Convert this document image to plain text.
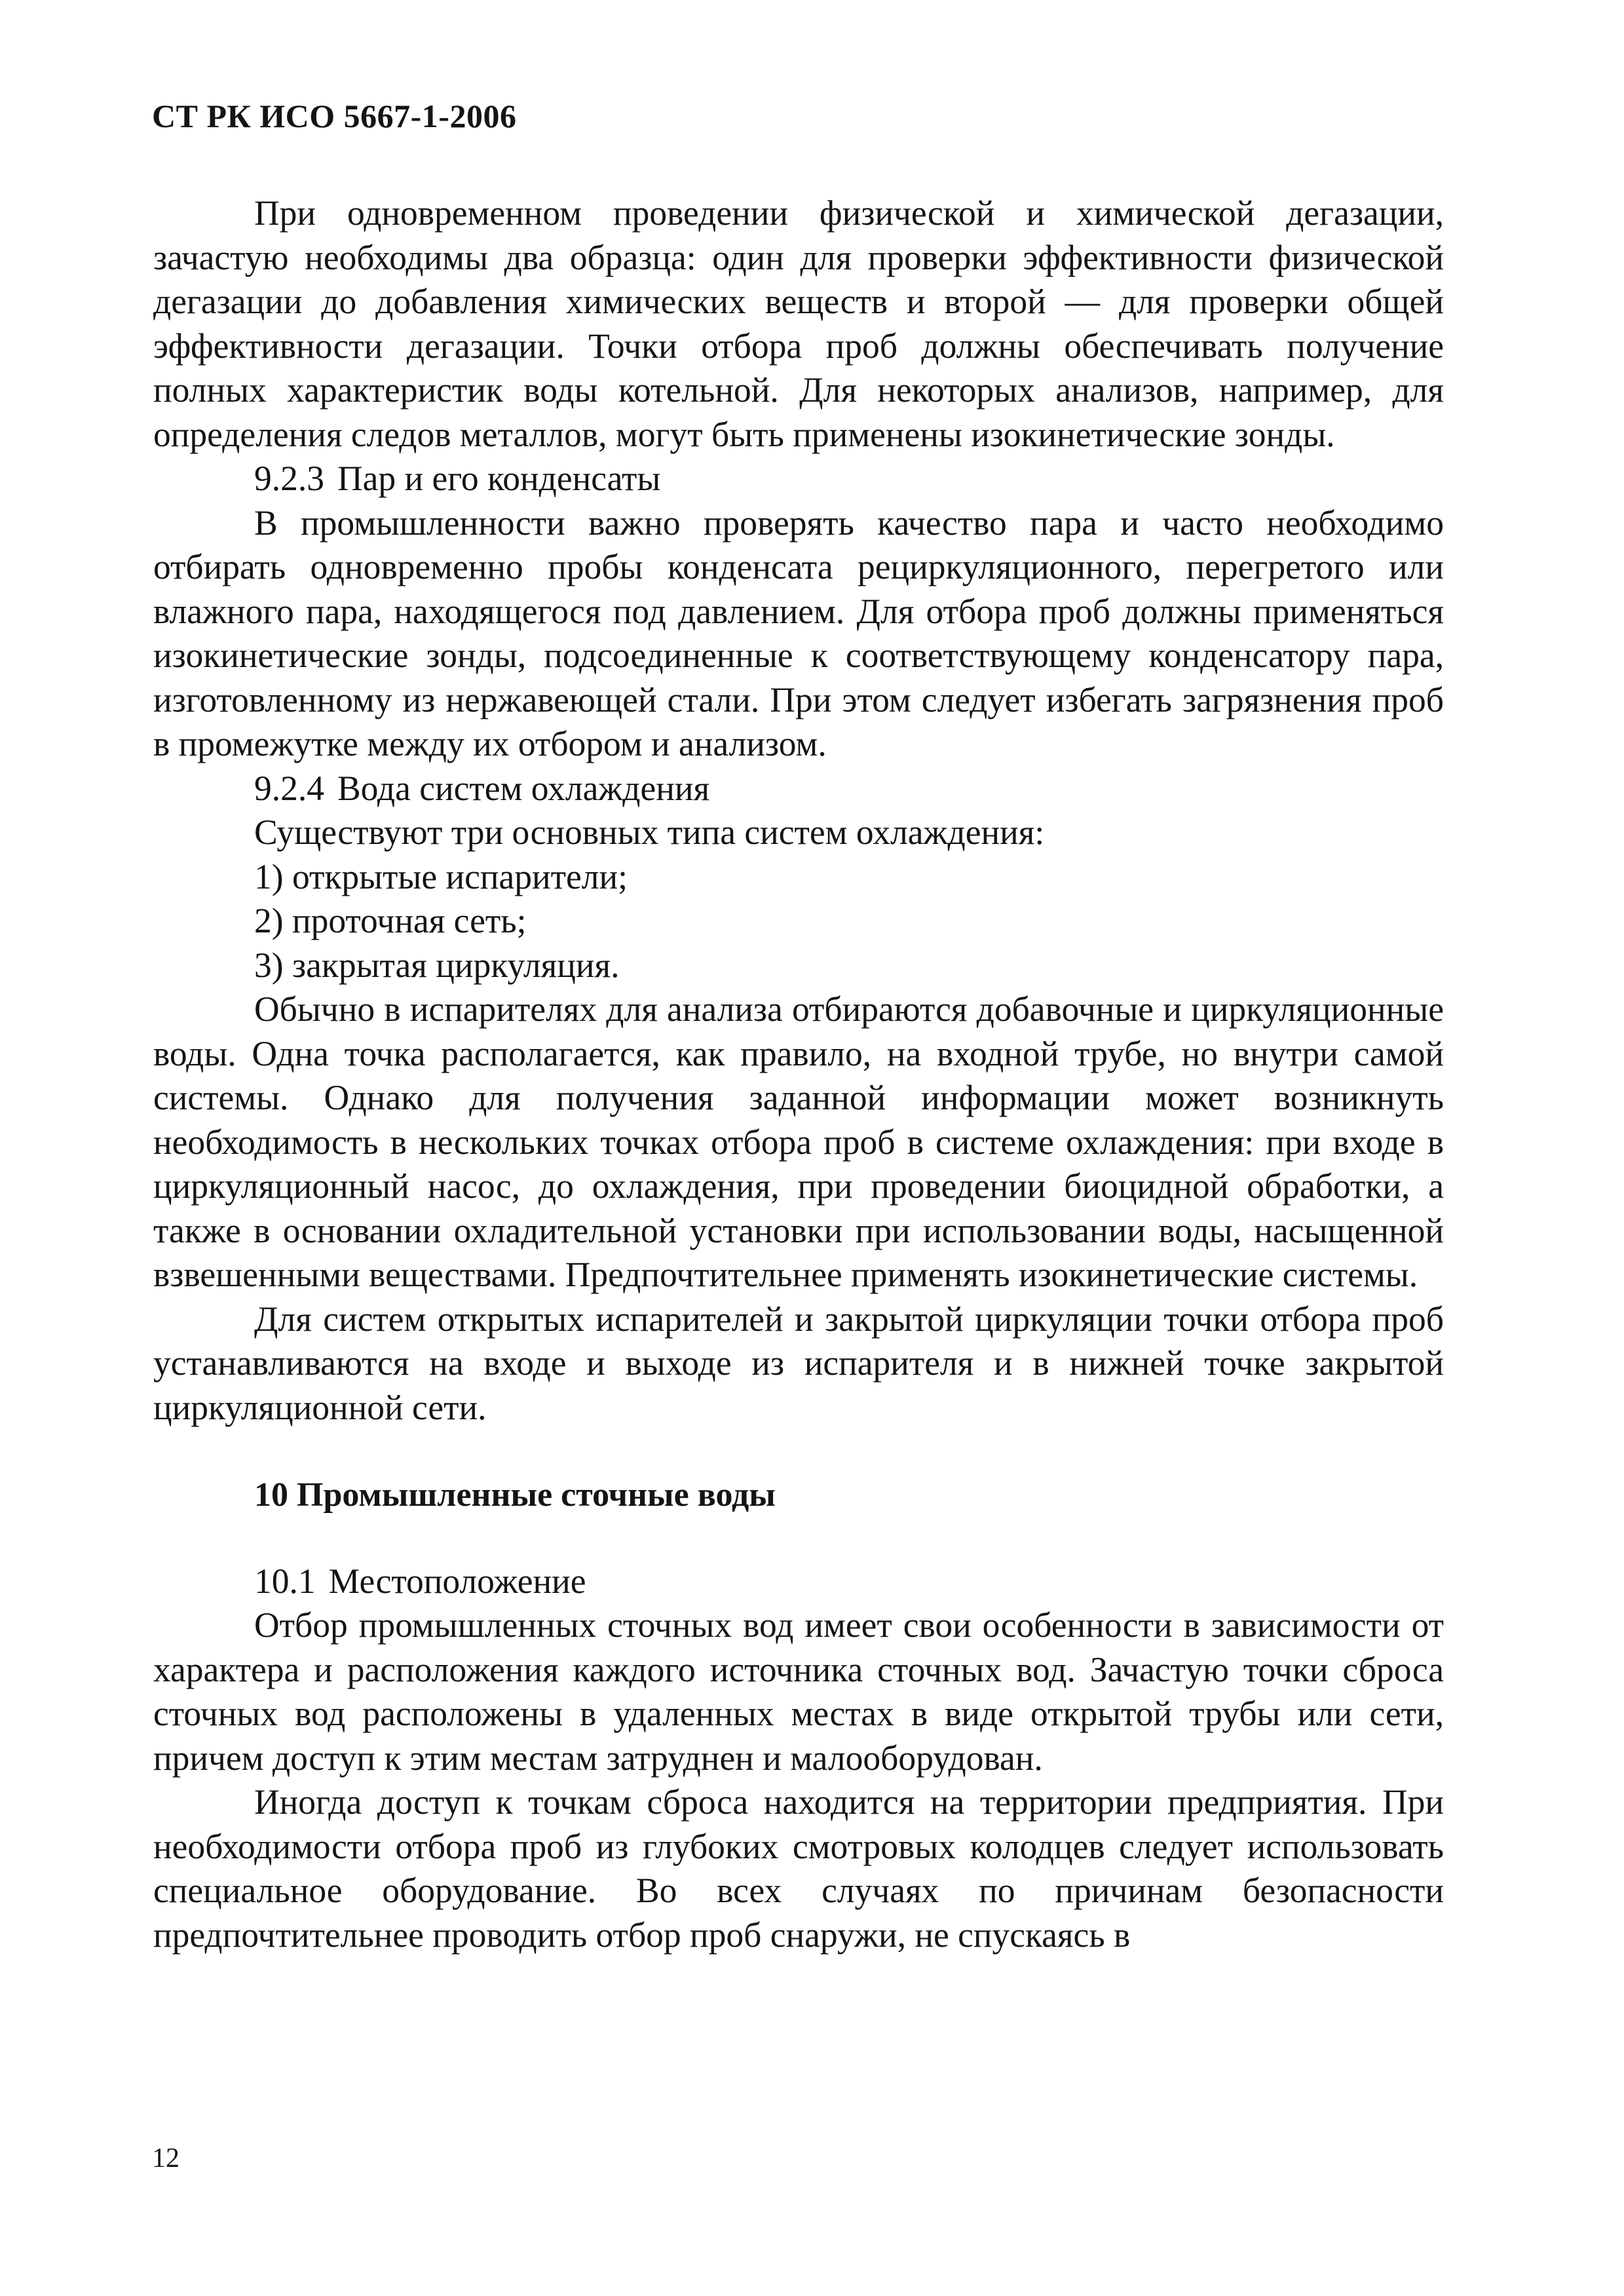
СТ РК ИСО 5667-1-2006

При одновременном проведении физической и химической дегазации, зачастую необходимы два образца: один для проверки эффективности физической дегазации до добавления химических веществ и второй — для проверки общей эффективности дегазации. Точки отбора проб должны обеспечивать получение полных характеристик воды котельной. Для некоторых анализов, например, для определения следов металлов, могут быть применены изокинетические зонды.

9.2.3 Пар и его конденсаты

В промышленности важно проверять качество пара и часто необходимо отбирать одновременно пробы конденсата рециркуляционного, перегретого или влажного пара, находящегося под давлением. Для отбора проб должны применяться изокинетические зонды, подсоединенные к соответствующему конденсатору пара, изготовленному из нержавеющей стали. При этом следует избегать загрязнения проб в промежутке между их отбором и анализом.

9.2.4 Вода систем охлаждения

Существуют три основных типа систем охлаждения:

1) открытые испарители;

2) проточная сеть;

3) закрытая циркуляция.

Обычно в испарителях для анализа отбираются добавочные и циркуляционные воды. Одна точка располагается, как правило, на входной трубе, но внутри самой системы. Однако для получения заданной информации может возникнуть необходимость в нескольких точках отбора проб в системе охлаждения: при входе в циркуляционный насос, до охлаждения, при проведении биоцидной обработки, а также в основании охладительной установки при использовании воды, насыщенной взвешенными веществами. Предпочтительнее применять изокинетические системы.

Для систем открытых испарителей и закрытой циркуляции точки отбора проб устанавливаются на входе и выходе из испарителя и в нижней точке закрытой циркуляционной сети.

10 Промышленные сточные воды

10.1 Местоположение

Отбор промышленных сточных вод имеет свои особенности в зависимости от характера и расположения каждого источника сточных вод. Зачастую точки сброса сточных вод расположены в удаленных местах в виде открытой трубы или сети, причем доступ к этим местам затруднен и малооборудован.

Иногда доступ к точкам сброса находится на территории предприятия. При необходимости отбора проб из глубоких смотровых колодцев следует использовать специальное оборудование. Во всех случаях по причинам безопасности предпочтительнее проводить отбор проб снаружи, не спускаясь в

12
